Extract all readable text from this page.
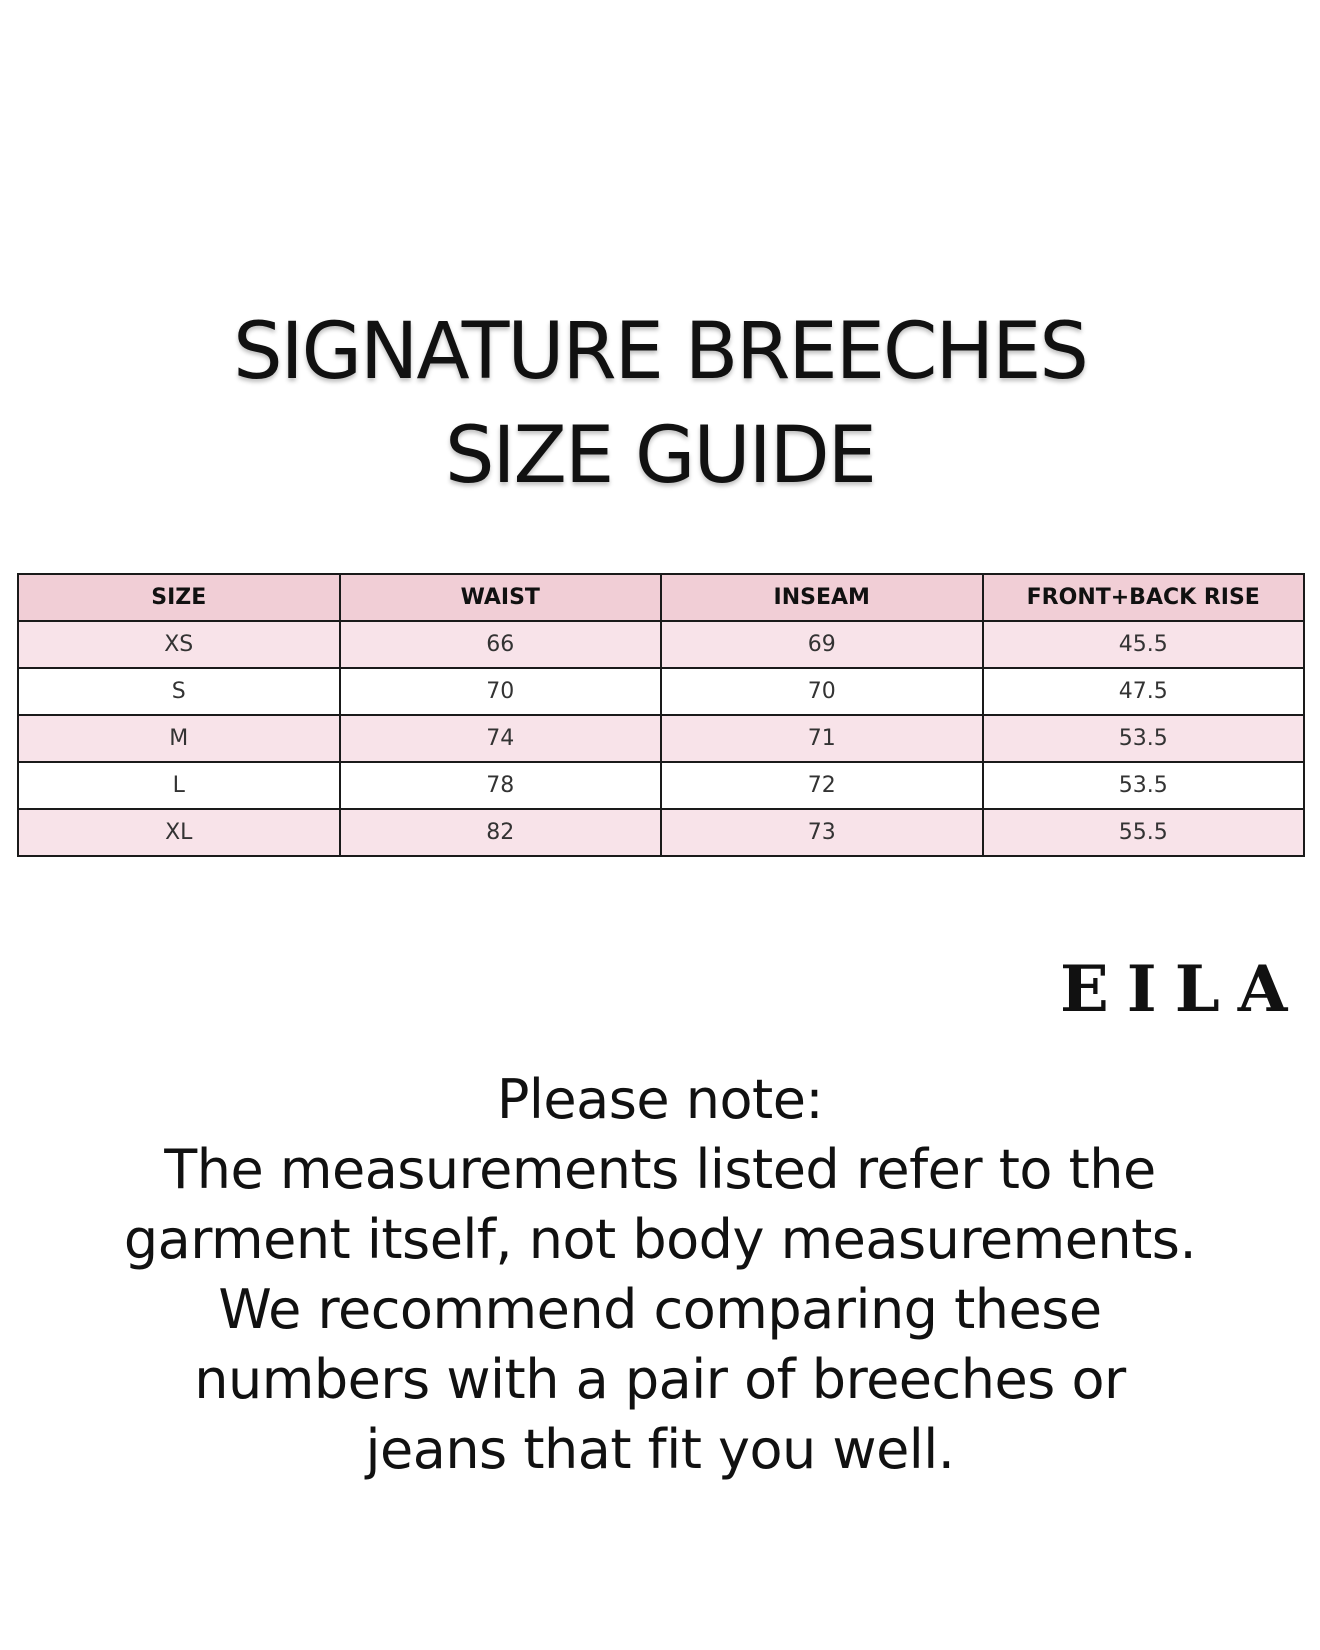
SIGNATURE BREECHES
SIZE GUIDE
SIZE	WAIST	INSEAM	FRONT+BACK RISE
XS	66	69	45.5
S	70	70	47.5
M	74	71	53.5
L	78	72	53.5
XL	82	73	55.5
EILA
Please note:
The measurements listed refer to the
garment itself, not body measurements.
We recommend comparing these
numbers with a pair of breeches or
jeans that fit you well.
